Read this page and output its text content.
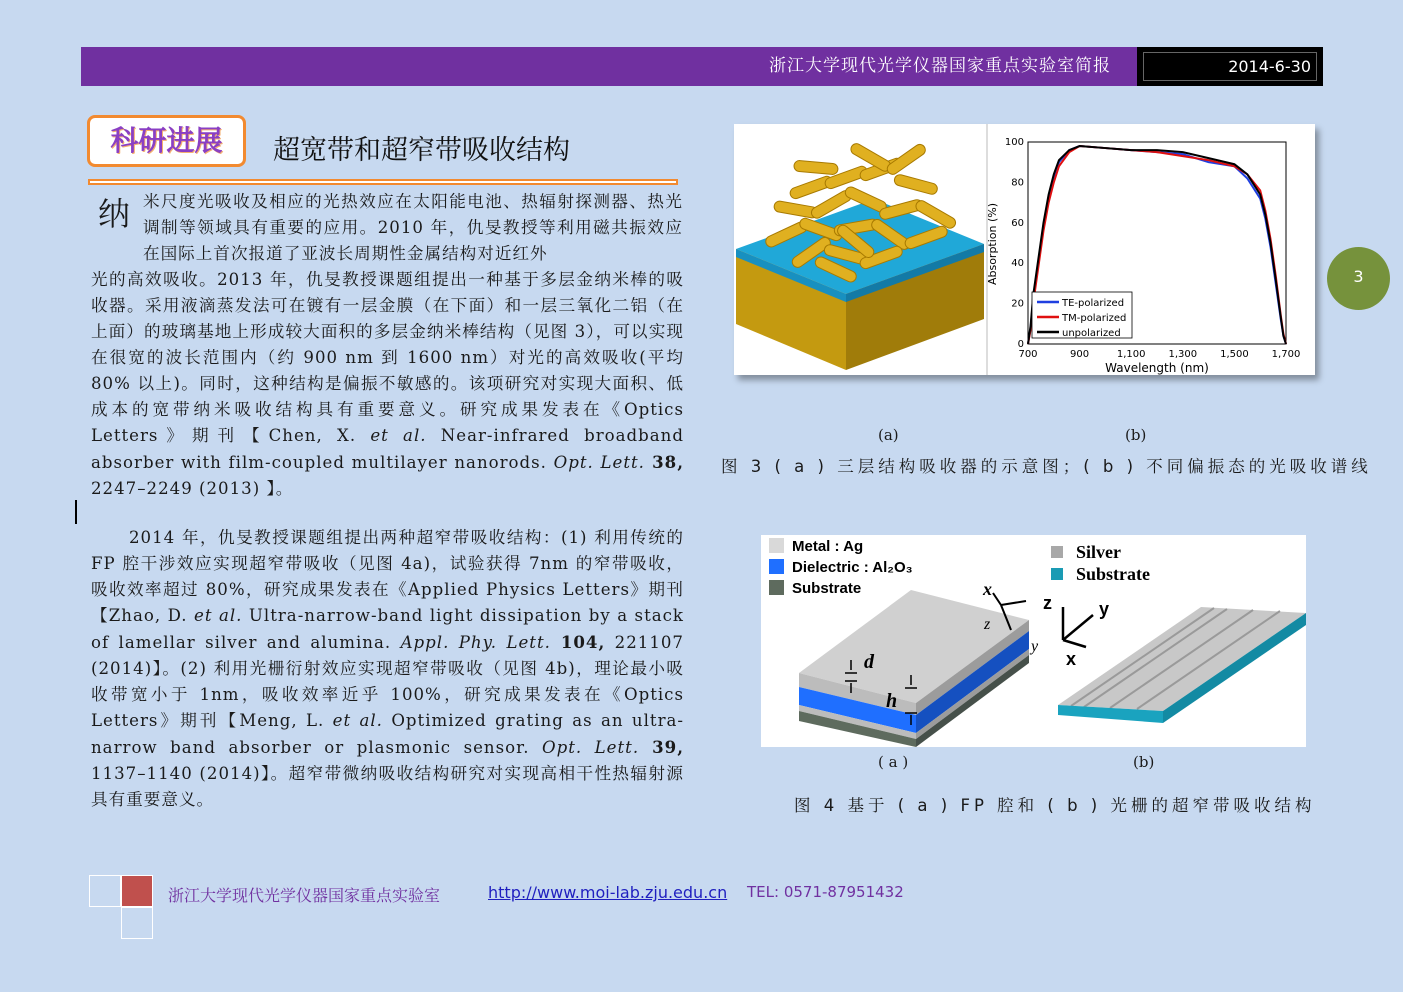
浙江大学现代光学仪器国家重点实验室简报	2014-6-30
科研进展	超宽带和超窄带吸收结构
纳 米尺度光吸收及相应的光热效应在太阳能电池、热辐射探测器、热光调制等领域具有重要的应用。2010 年，仇旻教授等利用磁共振效应在国际上首次报道了亚波长周期性金属结构对近红外
光的高效吸收。2013 年，仇旻教授课题组提出一种基于多层金纳米棒的吸收器。采用液滴蒸发法可在镀有一层金膜（在下面）和一层三氧化二铝（在上面）的玻璃基地上形成较大面积的多层金纳米棒结构（见图 3），可以实现在很宽的波长范围内（约 900 nm 到 1600 nm）对光的高效吸收(平均 80% 以上)。同时，这种结构是偏振不敏感的。该项研究对实现大面积、低成本的宽带纳米吸收结构具有重要意义。研究成果发表在《Optics Letters》期刊【Chen, X. et al. Near-infrared broadband absorber with film-coupled multilayer nanorods. Opt. Lett. 38, 2247–2249 (2013) 】。
2014 年，仇旻教授课题组提出两种超窄带吸收结构：(1) 利用传统的 FP 腔干涉效应实现超窄带吸收（见图 4a)，试验获得 7nm 的窄带吸收，吸收效率超过 80%，研究成果发表在《Applied Physics Letters》期刊【Zhao, D. et al. Ultra-narrow-band light dissipation by a stack of lamellar silver and alumina. Appl. Phy. Lett. 104, 221107 (2014)】。(2) 利用光栅衍射效应实现超窄带吸收（见图 4b)，理论最小吸收带宽小于 1nm，吸收效率近乎 100%，研究成果发表在《Optics Letters》期刊【Meng, L. et al. Optimized grating as an ultra-narrow band absorber or plasmonic sensor. Opt. Lett. 39, 1137–1140 (2014)】。超窄带微纳吸收结构研究对实现高相干性热辐射源具有重要意义。
3
0
20
40
60
80
100
700	900	1,100 1,300 1,500 1,700
Absorption (%)
Wavelength (nm)
TE-polarized
TM-polarized
unpolarized
(a)	(b)
图 3 ( a ) 三层结构吸收器的示意图；( b ) 不同偏振态的光吸收谱线
Metal : Ag
Dielectric : Al₂O₃
Substrate
d
h
x
z
y
Silver
Substrate
z	y
x
( a )	(b)
图 4 基于 ( a ) FP 腔和 ( b ) 光栅的超窄带吸收结构
浙江大学现代光学仪器国家重点实验室	http://www.moi-lab.zju.edu.cn TEL: 0571-87951432
